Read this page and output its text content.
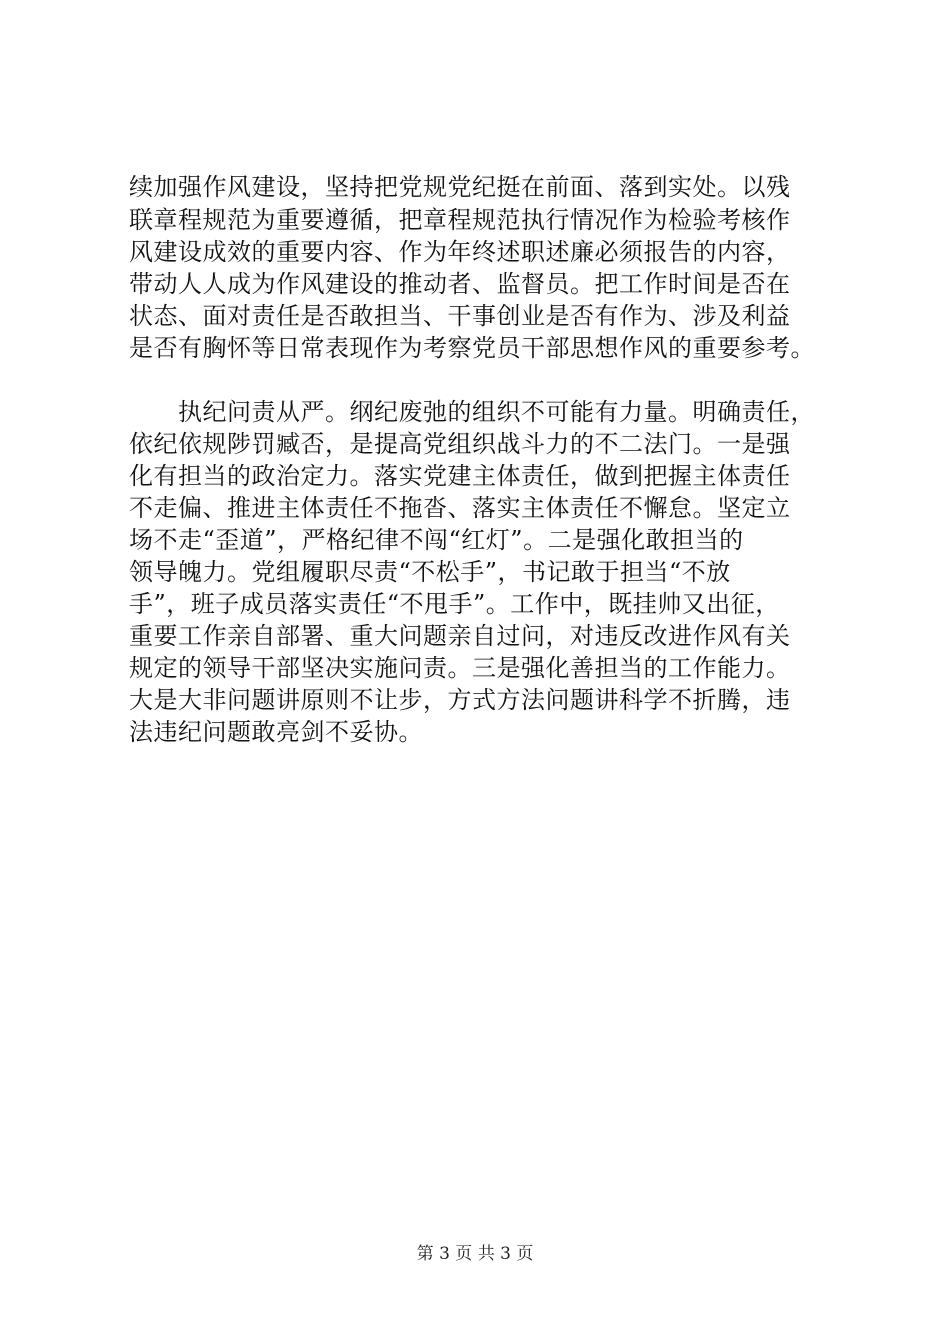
续加强作风建设，坚持把党规党纪挺在前面、落到实处。以残
联章程规范为重要遵循，把章程规范执行情况作为检验考核作
风建设成效的重要内容、作为年终述职述廉必须报告的内容，
带动人人成为作风建设的推动者、监督员。把工作时间是否在
状态、面对责任是否敢担当、干事创业是否有作为、涉及利益
是否有胸怀等日常表现作为考察党员干部思想作风的重要参考。
　　执纪问责从严。纲纪废弛的组织不可能有力量。明确责任，
依纪依规陟罚臧否，是提高党组织战斗力的不二法门。一是强
化有担当的政治定力。落实党建主体责任，做到把握主体责任
不走偏、推进主体责任不拖沓、落实主体责任不懈怠。坚定立
场不走“歪道”，严格纪律不闯“红灯”。二是强化敢担当的
领导魄力。党组履职尽责“不松手”，书记敢于担当“不放
手”，班子成员落实责任“不甩手”。工作中，既挂帅又出征，
重要工作亲自部署、重大问题亲自过问，对违反改进作风有关
规定的领导干部坚决实施问责。三是强化善担当的工作能力。
大是大非问题讲原则不让步，方式方法问题讲科学不折腾，违
法违纪问题敢亮剑不妥协。
第 3 页 共 3 页
